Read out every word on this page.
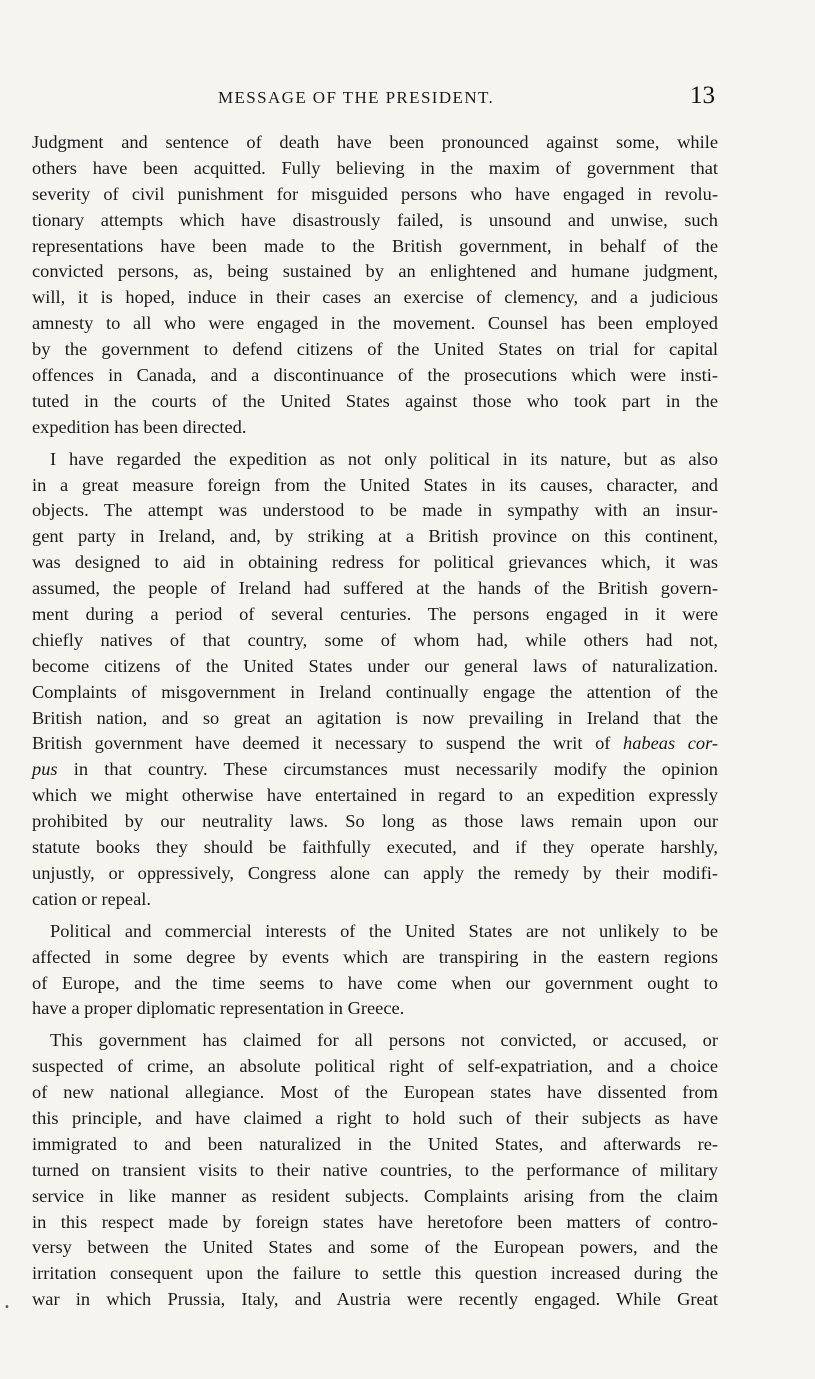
MESSAGE OF THE PRESIDENT.	13
Judgment and sentence of death have been pronounced against some, while
others have been acquitted. Fully believing in the maxim of government that
severity of civil punishment for misguided persons who have engaged in revolu-
tionary attempts which have disastrously failed, is unsound and unwise, such
representations have been made to the British government, in behalf of the
convicted persons, as, being sustained by an enlightened and humane judgment,
will, it is hoped, induce in their cases an exercise of clemency, and a judicious
amnesty to all who were engaged in the movement. Counsel has been employed
by the government to defend citizens of the United States on trial for capital
offences in Canada, and a discontinuance of the prosecutions which were insti-
tuted in the courts of the United States against those who took part in the
expedition has been directed.
I have regarded the expedition as not only political in its nature, but as also
in a great measure foreign from the United States in its causes, character, and
objects. The attempt was understood to be made in sympathy with an insur-
gent party in Ireland, and, by striking at a British province on this continent,
was designed to aid in obtaining redress for political grievances which, it was
assumed, the people of Ireland had suffered at the hands of the British govern-
ment during a period of several centuries. The persons engaged in it were
chiefly natives of that country, some of whom had, while others had not,
become citizens of the United States under our general laws of naturalization.
Complaints of misgovernment in Ireland continually engage the attention of the
British nation, and so great an agitation is now prevailing in Ireland that the
British government have deemed it necessary to suspend the writ of habeas cor-
pus in that country. These circumstances must necessarily modify the opinion
which we might otherwise have entertained in regard to an expedition expressly
prohibited by our neutrality laws. So long as those laws remain upon our
statute books they should be faithfully executed, and if they operate harshly,
unjustly, or oppressively, Congress alone can apply the remedy by their modifi-
cation or repeal.
Political and commercial interests of the United States are not unlikely to be
affected in some degree by events which are transpiring in the eastern regions
of Europe, and the time seems to have come when our government ought to
have a proper diplomatic representation in Greece.
This government has claimed for all persons not convicted, or accused, or
suspected of crime, an absolute political right of self-expatriation, and a choice
of new national allegiance. Most of the European states have dissented from
this principle, and have claimed a right to hold such of their subjects as have
immigrated to and been naturalized in the United States, and afterwards re-
turned on transient visits to their native countries, to the performance of military
service in like manner as resident subjects. Complaints arising from the claim
in this respect made by foreign states have heretofore been matters of contro-
versy between the United States and some of the European powers, and the
irritation consequent upon the failure to settle this question increased during the
war in which Prussia, Italy, and Austria were recently engaged. While Great
•
